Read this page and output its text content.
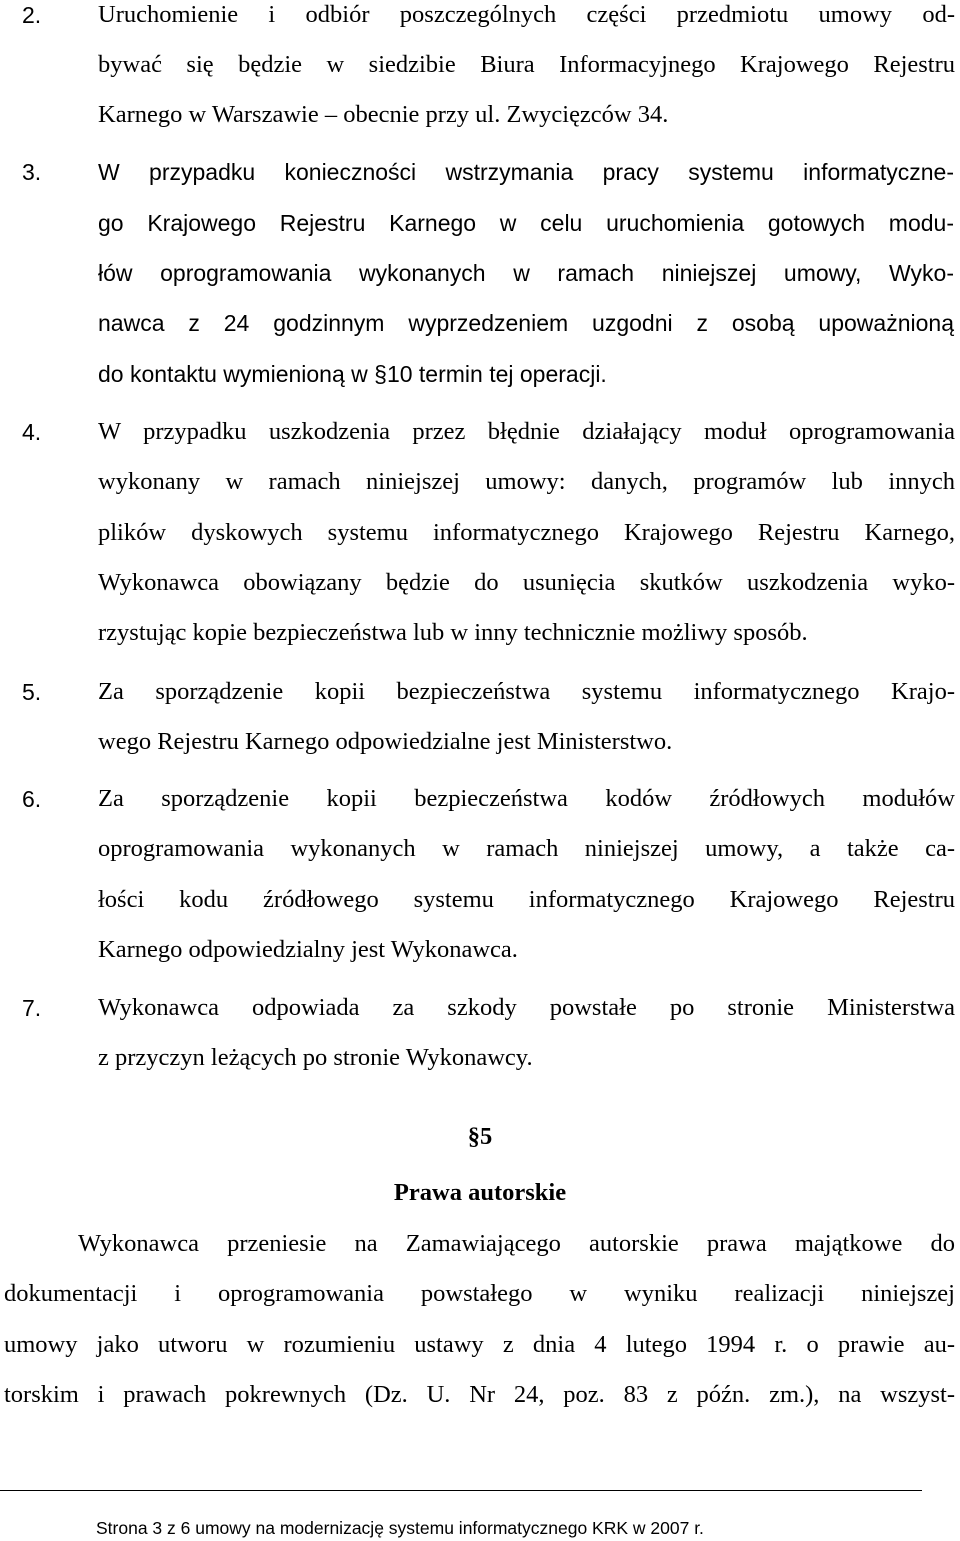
2. Uruchomienie i odbiór poszczególnych części przedmiotu umowy od-
bywać się będzie w siedzibie Biura Informacyjnego Krajowego Rejestru
Karnego w Warszawie – obecnie przy ul. Zwycięzców 34.
3. W przypadku konieczności wstrzymania pracy systemu informatyczne-
go Krajowego Rejestru Karnego w celu uruchomienia gotowych modu-
łów oprogramowania wykonanych w ramach niniejszej umowy, Wyko-
nawca z 24 godzinnym wyprzedzeniem uzgodni z osobą upoważnioną
do kontaktu wymienioną w §10 termin tej operacji.
4. W przypadku uszkodzenia przez błędnie działający moduł oprogramowania
wykonany w ramach niniejszej umowy: danych, programów lub innych
plików dyskowych systemu informatycznego Krajowego Rejestru Karnego,
Wykonawca obowiązany będzie do usunięcia skutków uszkodzenia wyko-
rzystując kopie bezpieczeństwa lub w inny technicznie możliwy sposób.
5. Za sporządzenie kopii bezpieczeństwa systemu informatycznego Krajo-
wego Rejestru Karnego odpowiedzialne jest Ministerstwo.
6. Za sporządzenie kopii bezpieczeństwa kodów źródłowych modułów
oprogramowania wykonanych w ramach niniejszej umowy, a także ca-
łości kodu źródłowego systemu informatycznego Krajowego Rejestru
Karnego odpowiedzialny jest Wykonawca.
7. Wykonawca odpowiada za szkody powstałe po stronie Ministerstwa
z przyczyn leżących po stronie Wykonawcy.
§5
Prawa autorskie
Wykonawca przeniesie na Zamawiającego autorskie prawa majątkowe do
dokumentacji i oprogramowania powstałego w wyniku realizacji niniejszej
umowy jako utworu w rozumieniu ustawy z dnia 4 lutego 1994 r. o prawie au-
torskim i prawach pokrewnych (Dz. U. Nr 24, poz. 83 z późn. zm.), na wszyst-
Strona 3 z 6 umowy na modernizację systemu informatycznego KRK w 2007 r.
